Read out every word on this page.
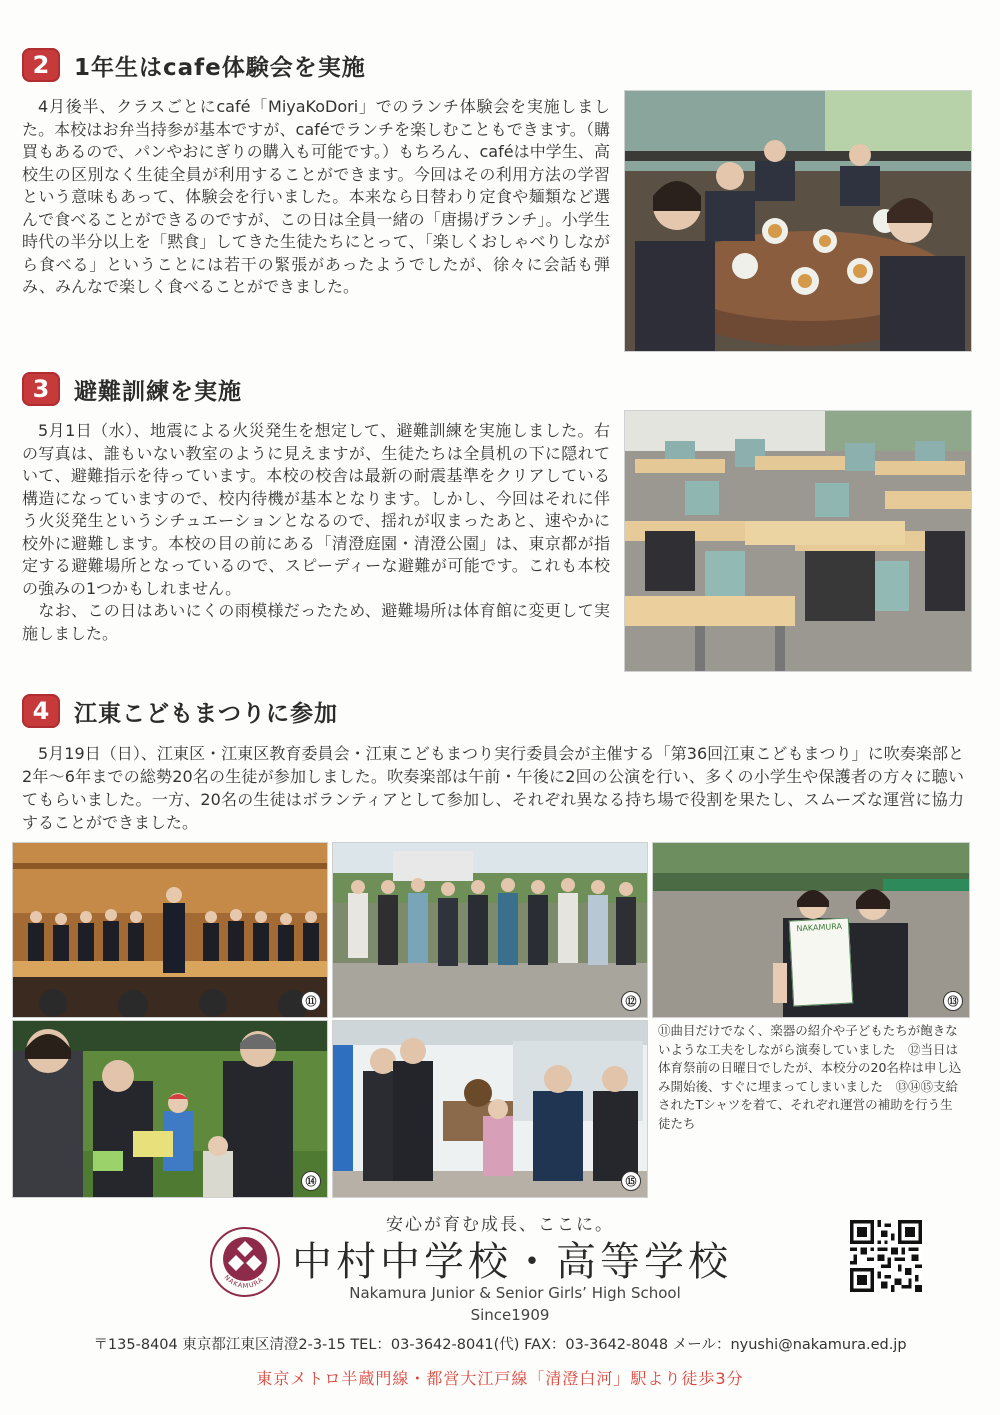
2	1年生はcafe体験会を実施

4月後半、クラスごとにcafé「MiyaKoDori」でのランチ体験会を実施しました。本校はお弁当持参が基本ですが、caféでランチを楽しむこともできます。（購買もあるので、パンやおにぎりの購入も可能です。）もちろん、caféは中学生、高校生の区別なく生徒全員が利用することができます。今回はその利用方法の学習という意味もあって、体験会を行いました。本来なら日替わり定食や麺類など選んで食べることができるのですが、この日は全員一緒の「唐揚げランチ」。小学生時代の半分以上を「黙食」してきた生徒たちにとって、「楽しくおしゃべりしながら食べる」ということには若干の緊張があったようでしたが、徐々に会話も弾み、みんなで楽しく食べることができました。

3	避難訓練を実施

5月1日（水）、地震による火災発生を想定して、避難訓練を実施しました。右の写真は、誰もいない教室のように見えますが、生徒たちは全員机の下に隠れていて、避難指示を待っています。本校の校舎は最新の耐震基準をクリアしている構造になっていますので、校内待機が基本となります。しかし、今回はそれに伴う火災発生というシチュエーションとなるので、揺れが収まったあと、速やかに校外に避難します。本校の目の前にある「清澄庭園・清澄公園」は、東京都が指定する避難場所となっているので、スピーディーな避難が可能です。これも本校の強みの1つかもしれません。
なお、この日はあいにくの雨模様だったため、避難場所は体育館に変更して実施しました。

4	江東こどもまつりに参加

5月19日（日）、江東区・江東区教育委員会・江東こどもまつり実行委員会が主催する「第36回江東こどもまつり」に吹奏楽部と2年～6年までの総勢20名の生徒が参加しました。吹奏楽部は午前・午後に2回の公演を行い、多くの小学生や保護者の方々に聴いてもらいました。一方、20名の生徒はボランティアとして参加し、それぞれ異なる持ち場で役割を果たし、スムーズな運営に協力することができました。

⑪	⑫
NAKAMURA
⑬
⑭	⑮

⑪曲目だけでなく、楽器の紹介や子どもたちが飽きないような工夫をしながら演奏していました　⑫当日は体育祭前の日曜日でしたが、本校分の20名枠は申し込み開始後、すぐに埋まってしまいました　⑬⑭⑮支給されたTシャツを着て、それぞれ運営の補助を行う生徒たち

安心が育む成長、ここに。
NAKAMURA 中村中学校・高等学校
Nakamura Junior & Senior Girls’ High School
Since1909
〒135-8404 東京都江東区清澄2-3-15 TEL：03-3642-8041(代) FAX：03-3642-8048 メール：nyushi@nakamura.ed.jp
東京メトロ半蔵門線・都営大江戸線「清澄白河」駅より徒歩3分
